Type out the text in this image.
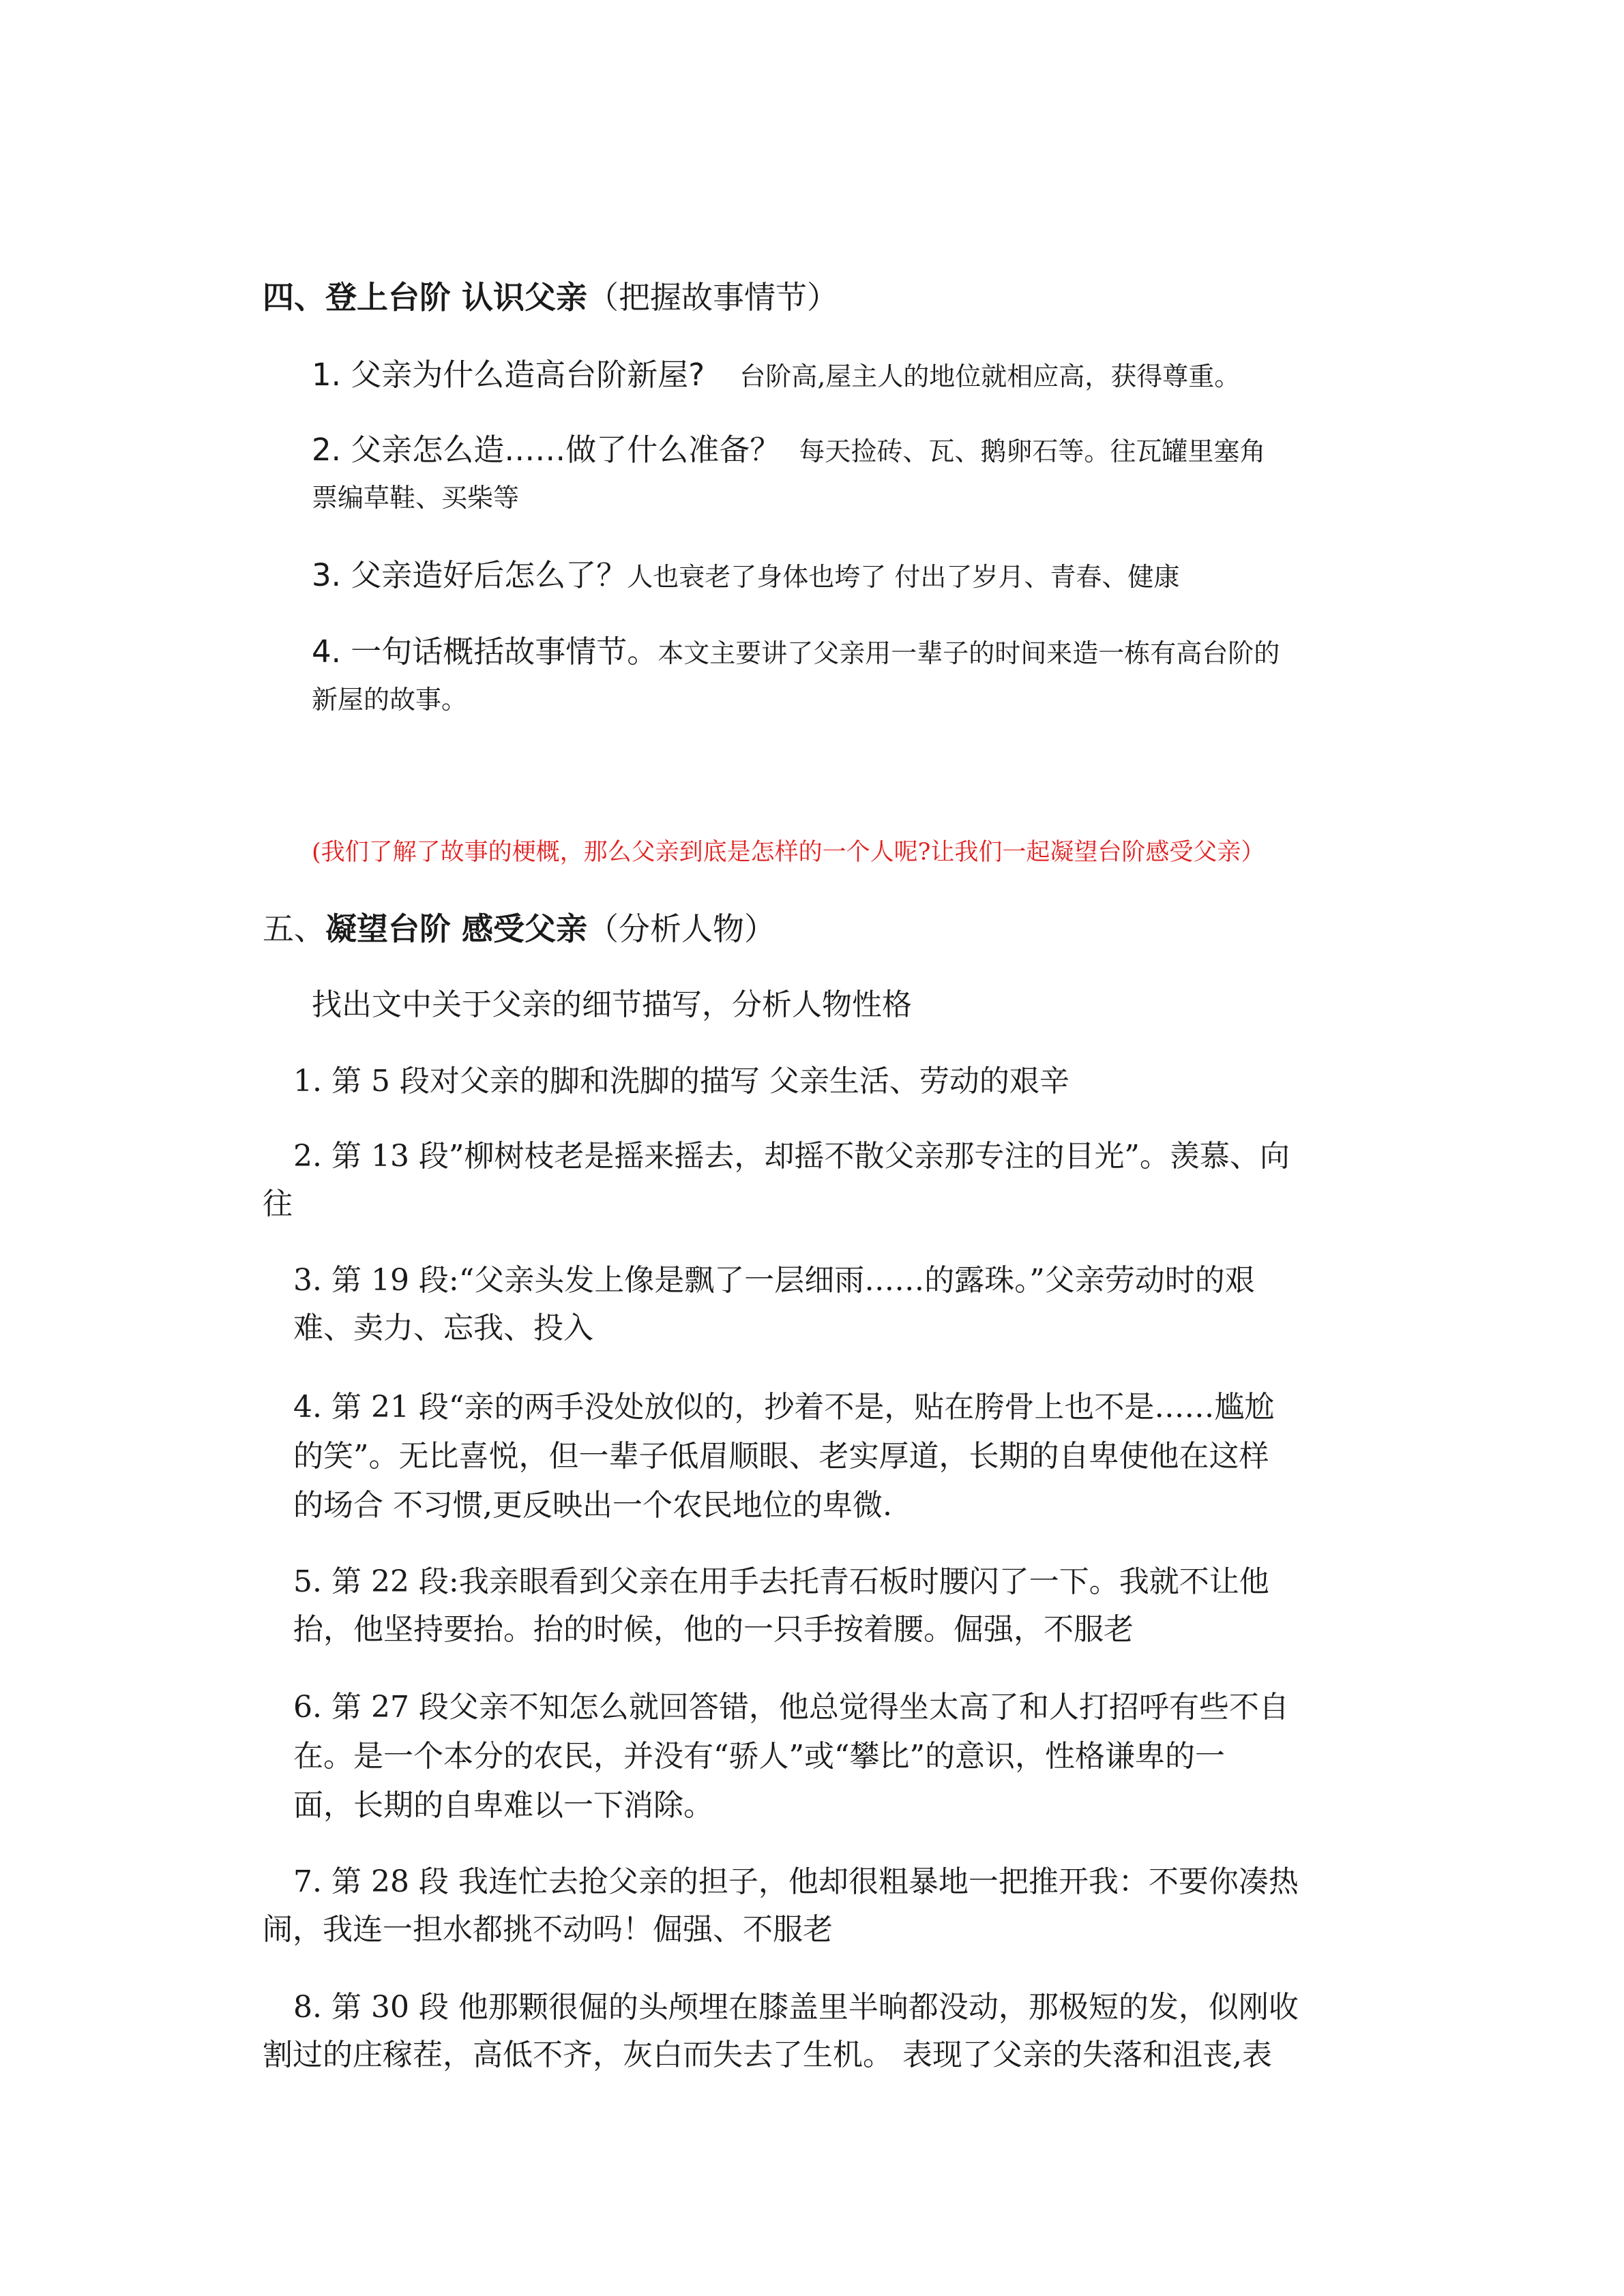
四、登上台阶 认识父亲（把握故事情节）
1. 父亲为什么造高台阶新屋? 台阶高,屋主人的地位就相应高，获得尊重。
2. 父亲怎么造……做了什么准备？ 每天捡砖、瓦、鹅卵石等。往瓦罐里塞角
票编草鞋、买柴等
3. 父亲造好后怎么了？人也衰老了身体也垮了 付出了岁月、青春、健康
4. 一句话概括故事情节。本文主要讲了父亲用一辈子的时间来造一栋有高台阶的
新屋的故事。
(我们了解了故事的梗概，那么父亲到底是怎样的一个人呢?让我们一起凝望台阶感受父亲）
五、凝望台阶 感受父亲（分析人物）
找出文中关于父亲的细节描写，分析人物性格
1. 第 5 段对父亲的脚和洗脚的描写 父亲生活、劳动的艰辛
2. 第 13 段”柳树枝老是摇来摇去，却摇不散父亲那专注的目光”。羡慕、向
往
3. 第 19 段:“父亲头发上像是飘了一层细雨……的露珠。”父亲劳动时的艰
难、卖力、忘我、投入
4. 第 21 段“亲的两手没处放似的，抄着不是，贴在胯骨上也不是……尴尬
的笑”。无比喜悦，但一辈子低眉顺眼、老实厚道，长期的自卑使他在这样
的场合 不习惯,更反映出一个农民地位的卑微.
5. 第 22 段:我亲眼看到父亲在用手去托青石板时腰闪了一下。我就不让他
抬，他坚持要抬。抬的时候，他的一只手按着腰。倔强，不服老
6. 第 27 段父亲不知怎么就回答错，他总觉得坐太高了和人打招呼有些不自
在。是一个本分的农民，并没有“骄人”或“攀比”的意识，性格谦卑的一
面，长期的自卑难以一下消除。
7. 第 28 段 我连忙去抢父亲的担子，他却很粗暴地一把推开我：不要你凑热
闹，我连一担水都挑不动吗！倔强、不服老
8. 第 30 段 他那颗很倔的头颅埋在膝盖里半晌都没动，那极短的发，似刚收
割过的庄稼茬，高低不齐，灰白而失去了生机。 表现了父亲的失落和沮丧,表
